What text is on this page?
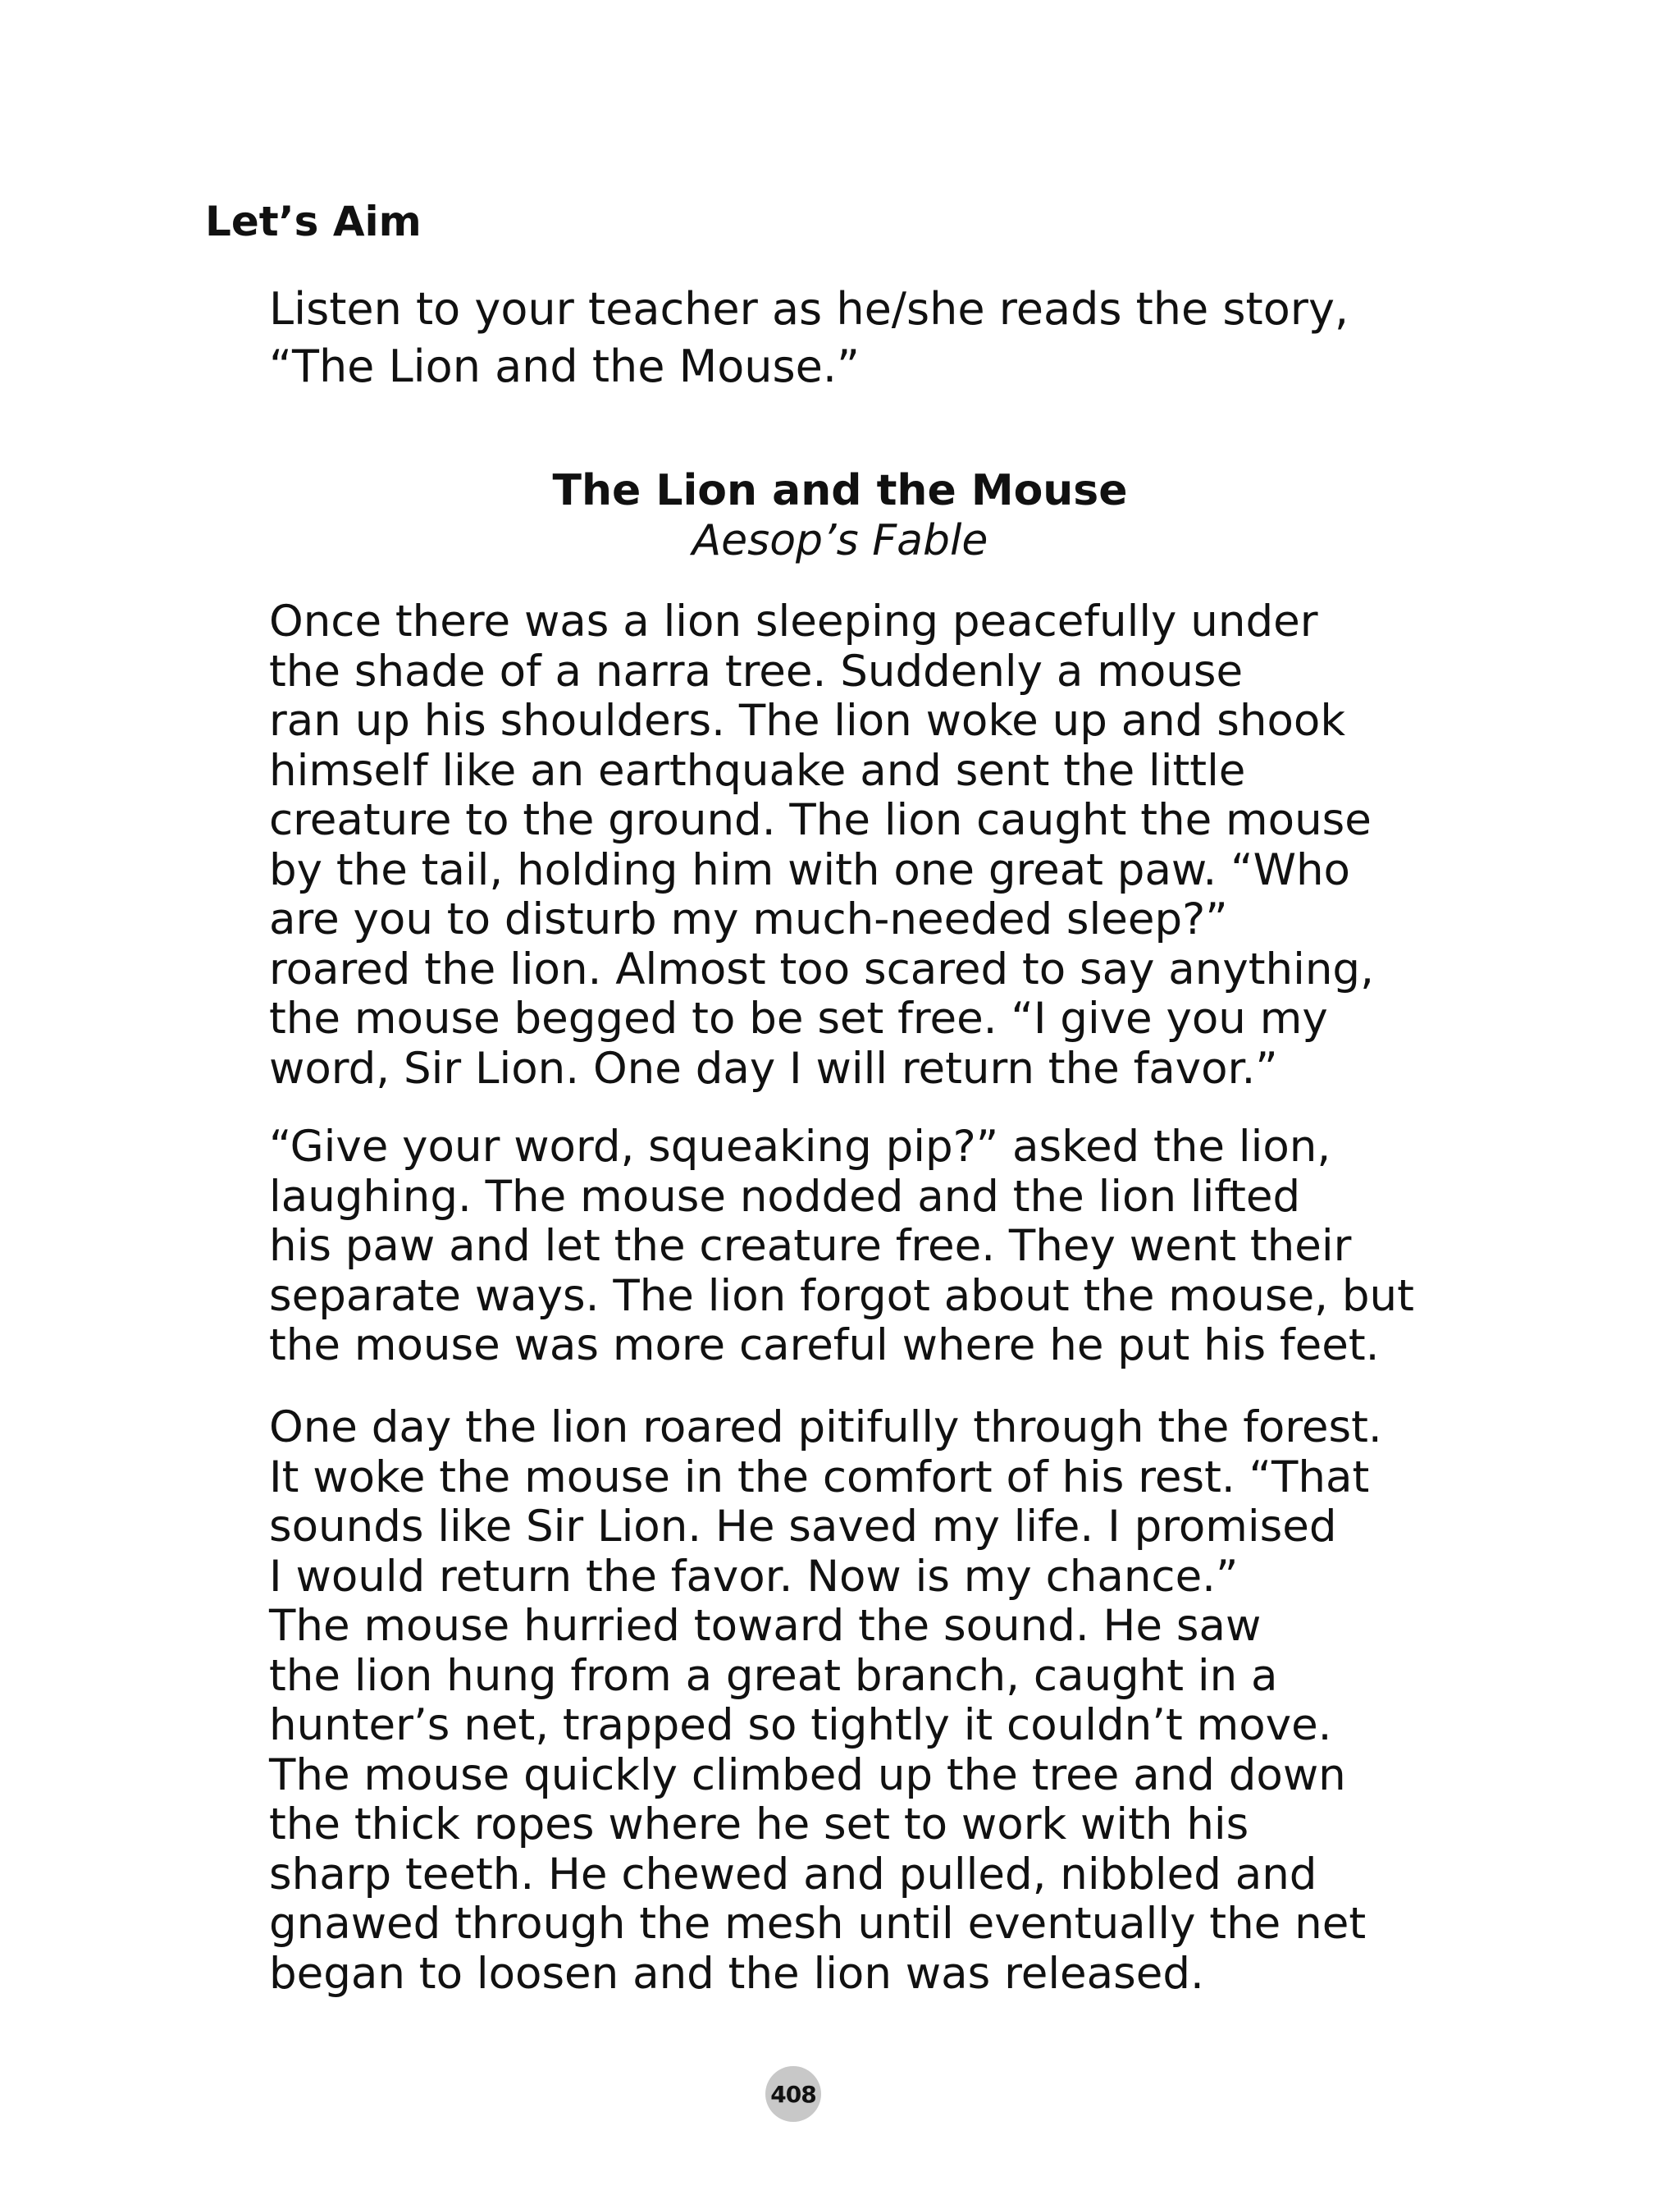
Let’s Aim

Listen to your teacher as he/she reads the story,
“The Lion and the Mouse.”

The Lion and the Mouse
Aesop’s Fable

Once there was a lion sleeping peacefully under
the shade of a narra tree. Suddenly a mouse
ran up his shoulders. The lion woke up and shook
himself like an earthquake and sent the little
creature to the ground. The lion caught the mouse
by the tail, holding him with one great paw. “Who
are you to disturb my much-needed sleep?”
roared the lion. Almost too scared to say anything,
the mouse begged to be set free. “I give you my
word, Sir Lion. One day I will return the favor.”

“Give your word, squeaking pip?” asked the lion,
laughing. The mouse nodded and the lion lifted
his paw and let the creature free. They went their
separate ways. The lion forgot about the mouse, but
the mouse was more careful where he put his feet.

One day the lion roared pitifully through the forest.
It woke the mouse in the comfort of his rest. “That
sounds like Sir Lion. He saved my life. I promised
I would return the favor. Now is my chance.”
The mouse hurried toward the sound. He saw
the lion hung from a great branch, caught in a
hunter’s net, trapped so tightly it couldn’t move.
The mouse quickly climbed up the tree and down
the thick ropes where he set to work with his
sharp teeth. He chewed and pulled, nibbled and
gnawed through the mesh until eventually the net
began to loosen and the lion was released.

408
